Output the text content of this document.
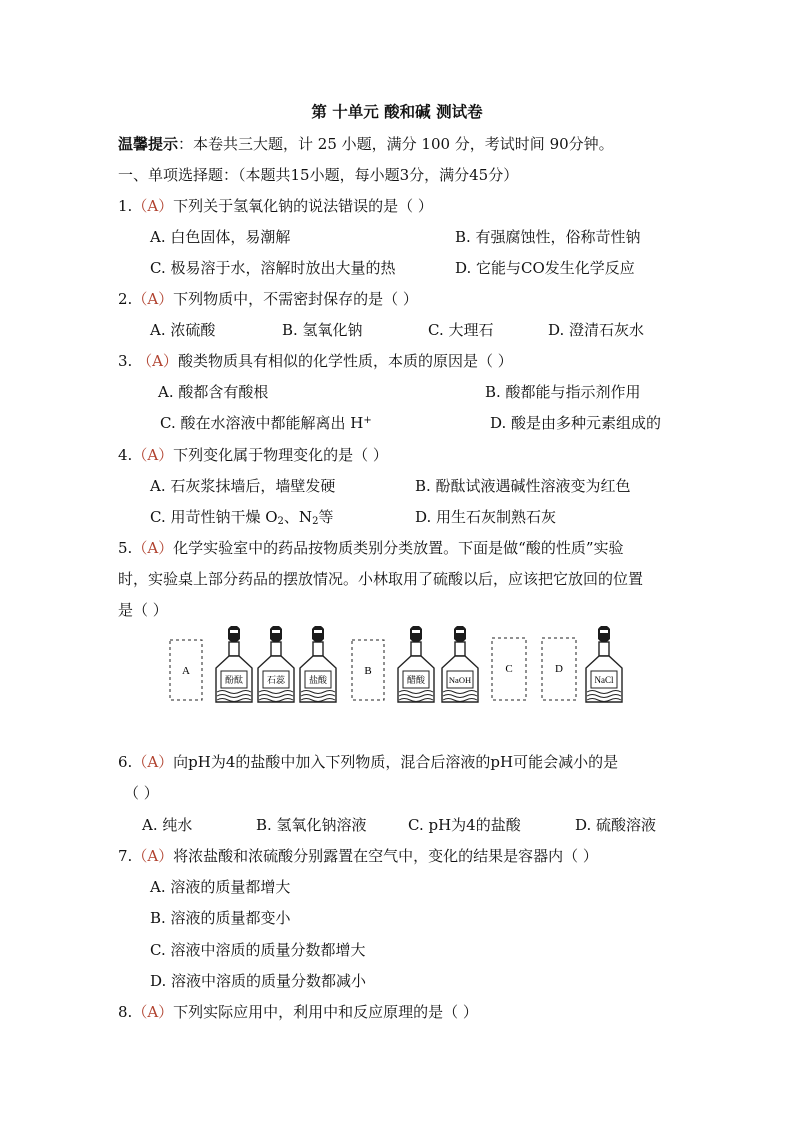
第 十单元 酸和碱 测试卷
温馨提示：本卷共三大题，计 25 小题，满分 100 分，考试时间 90分钟。
一、单项选择题：（本题共15小题，每小题3分，满分45分）
1.（A）下列关于氢氧化钠的说法错误的是（ ）
A. 白色固体，易潮解	B. 有强腐蚀性，俗称苛性钠
C. 极易溶于水，溶解时放出大量的热	D. 它能与CO发生化学反应
2.（A）下列物质中，不需密封保存的是（ ）
A. 浓硫酸	B. 氢氧化钠	C. 大理石	D. 澄清石灰水
3. （A）酸类物质具有相似的化学性质，本质的原因是（ ）
A. 酸都含有酸根	B. 酸都能与指示剂作用
C. 酸在水溶液中都能解离出 H+	D. 酸是由多种元素组成的
4.（A）下列变化属于物理变化的是（ ）
A. 石灰浆抹墙后，墙壁发硬	B. 酚酞试液遇碱性溶液变为红色
C. 用苛性钠干燥 $O_2$、$N_2$等	D. 用生石灰制熟石灰
5.（A）化学实验室中的药品按物质类别分类放置。下面是做“酸的性质”实验
时，实验桌上部分药品的摆放情况。小林取用了硫酸以后，应该把它放回的位置
是（ ）
A
酚酞	石蕊	盐酸
B
醋酸	NaOH
C	D
NaCl
6.（A）向pH为4的盐酸中加入下列物质，混合后溶液的pH可能会减小的是
（ ）
A. 纯水	B. 氢氧化钠溶液	C. pH为4的盐酸	D. 硫酸溶液
7.（A）将浓盐酸和浓硫酸分别露置在空气中，变化的结果是容器内（ ）
A. 溶液的质量都增大
B. 溶液的质量都变小
C. 溶液中溶质的质量分数都增大
D. 溶液中溶质的质量分数都减小
8.（A）下列实际应用中，利用中和反应原理的是（ ）
